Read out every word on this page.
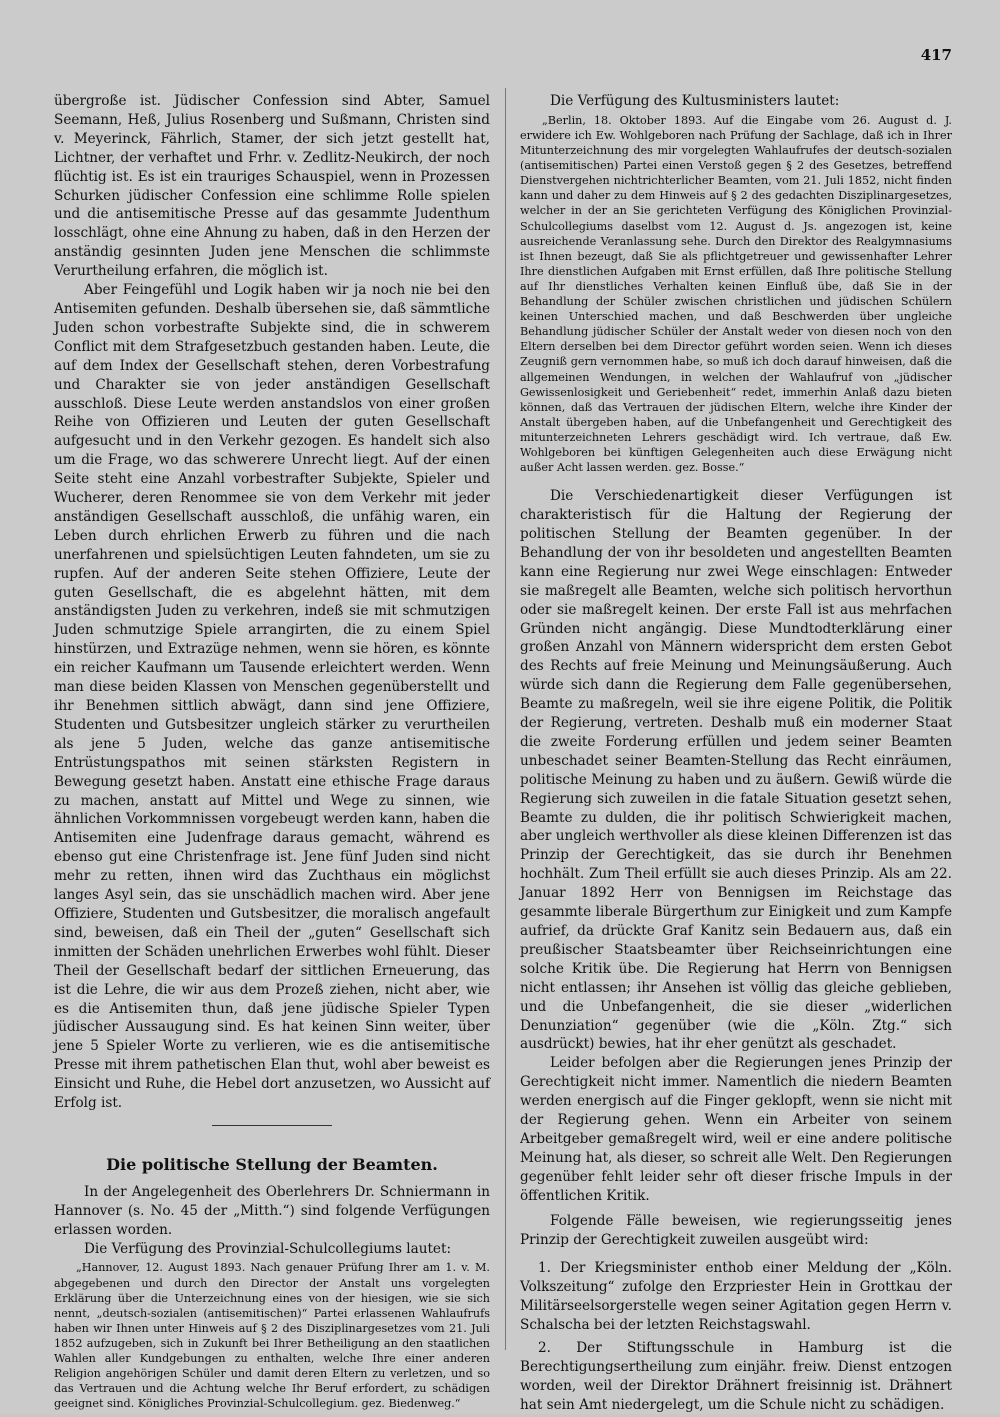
417

übergroße ist. Jüdischer Confession sind Abter, Samuel Seemann, Heß, Julius Rosenberg und Sußmann, Christen sind v. Meyerinck, Fährlich, Stamer, der sich jetzt gestellt hat, Lichtner, der verhaftet und Frhr. v. Zedlitz-Neukirch, der noch flüchtig ist. Es ist ein trauriges Schauspiel, wenn in Prozessen Schurken jüdischer Confession eine schlimme Rolle spielen und die antisemitische Presse auf das gesammte Judenthum losschlägt, ohne eine Ahnung zu haben, daß in den Herzen der anständig gesinnten Juden jene Menschen die schlimmste Verurtheilung erfahren, die möglich ist.

Aber Feingefühl und Logik haben wir ja noch nie bei den Antisemiten gefunden. Deshalb übersehen sie, daß sämmtliche Juden schon vorbestrafte Subjekte sind, die in schwerem Conflict mit dem Strafgesetzbuch gestanden haben. Leute, die auf dem Index der Gesellschaft stehen, deren Vorbestrafung und Charakter sie von jeder anständigen Gesellschaft ausschloß. Diese Leute werden anstandslos von einer großen Reihe von Offizieren und Leuten der guten Gesellschaft aufgesucht und in den Verkehr gezogen. Es handelt sich also um die Frage, wo das schwerere Unrecht liegt. Auf der einen Seite steht eine Anzahl vorbestrafter Subjekte, Spieler und Wucherer, deren Renommee sie von dem Verkehr mit jeder anständigen Gesellschaft ausschloß, die unfähig waren, ein Leben durch ehrlichen Erwerb zu führen und die nach unerfahrenen und spielsüchtigen Leuten fahndeten, um sie zu rupfen. Auf der anderen Seite stehen Offiziere, Leute der guten Gesellschaft, die es abgelehnt hätten, mit dem anständigsten Juden zu verkehren, indeß sie mit schmutzigen Juden schmutzige Spiele arrangirten, die zu einem Spiel hinstürzen, und Extrazüge nehmen, wenn sie hören, es könnte ein reicher Kaufmann um Tausende erleichtert werden. Wenn man diese beiden Klassen von Menschen gegenüberstellt und ihr Benehmen sittlich abwägt, dann sind jene Offiziere, Studenten und Gutsbesitzer ungleich stärker zu verurtheilen als jene 5 Juden, welche das ganze antisemitische Entrüstungspathos mit seinen stärksten Registern in Bewegung gesetzt haben. Anstatt eine ethische Frage daraus zu machen, anstatt auf Mittel und Wege zu sinnen, wie ähnlichen Vorkommnissen vorgebeugt werden kann, haben die Antisemiten eine Judenfrage daraus gemacht, während es ebenso gut eine Christenfrage ist. Jene fünf Juden sind nicht mehr zu retten, ihnen wird das Zuchthaus ein möglichst langes Asyl sein, das sie unschädlich machen wird. Aber jene Offiziere, Studenten und Gutsbesitzer, die moralisch angefault sind, beweisen, daß ein Theil der „guten“ Gesellschaft sich inmitten der Schäden unehrlichen Erwerbes wohl fühlt. Dieser Theil der Gesellschaft bedarf der sittlichen Erneuerung, das ist die Lehre, die wir aus dem Prozeß ziehen, nicht aber, wie es die Antisemiten thun, daß jene jüdische Spieler Typen jüdischer Aussaugung sind. Es hat keinen Sinn weiter, über jene 5 Spieler Worte zu verlieren, wie es die antisemitische Presse mit ihrem pathetischen Elan thut, wohl aber beweist es Einsicht und Ruhe, die Hebel dort anzusetzen, wo Aussicht auf Erfolg ist.

Die politische Stellung der Beamten.

In der Angelegenheit des Oberlehrers Dr. Schniermann in Hannover (s. No. 45 der „Mitth.“) sind folgende Verfügungen erlassen worden.

Die Verfügung des Provinzial-Schulcollegiums lautet:

„Hannover, 12. August 1893. Nach genauer Prüfung Ihrer am 1. v. M. abgegebenen und durch den Director der Anstalt uns vorgelegten Erklärung über die Unterzeichnung eines von der hiesigen, wie sie sich nennt, „deutsch-sozialen (antisemitischen)“ Partei erlassenen Wahlaufrufs haben wir Ihnen unter Hinweis auf § 2 des Disziplinargesetzes vom 21. Juli 1852 aufzugeben, sich in Zukunft bei Ihrer Betheiligung an den staatlichen Wahlen aller Kundgebungen zu enthalten, welche Ihre einer anderen Religion angehörigen Schüler und damit deren Eltern zu verletzen, und so das Vertrauen und die Achtung welche Ihr Beruf erfordert, zu schädigen geeignet sind. Königliches Provinzial-Schulcollegium. gez. Biedenweg.“

Die Verfügung des Kultusministers lautet:

„Berlin, 18. Oktober 1893. Auf die Eingabe vom 26. August d. J. erwidere ich Ew. Wohlgeboren nach Prüfung der Sachlage, daß ich in Ihrer Mitunterzeichnung des mir vorgelegten Wahlaufrufes der deutsch-sozialen (antisemitischen) Partei einen Verstoß gegen § 2 des Gesetzes, betreffend Dienstvergehen nichtrichterlicher Beamten, vom 21. Juli 1852, nicht finden kann und daher zu dem Hinweis auf § 2 des gedachten Disziplinargesetzes, welcher in der an Sie gerichteten Verfügung des Königlichen Provinzial-Schulcollegiums daselbst vom 12. August d. Js. angezogen ist, keine ausreichende Veranlassung sehe. Durch den Direktor des Realgymnasiums ist Ihnen bezeugt, daß Sie als pflichtgetreuer und gewissenhafter Lehrer Ihre dienstlichen Aufgaben mit Ernst erfüllen, daß Ihre politische Stellung auf Ihr dienstliches Verhalten keinen Einfluß übe, daß Sie in der Behandlung der Schüler zwischen christlichen und jüdischen Schülern keinen Unterschied machen, und daß Beschwerden über ungleiche Behandlung jüdischer Schüler der Anstalt weder von diesen noch von den Eltern derselben bei dem Director geführt worden seien. Wenn ich dieses Zeugniß gern vernommen habe, so muß ich doch darauf hinweisen, daß die allgemeinen Wendungen, in welchen der Wahlaufruf von „jüdischer Gewissenlosigkeit und Geriebenheit“ redet, immerhin Anlaß dazu bieten können, daß das Vertrauen der jüdischen Eltern, welche ihre Kinder der Anstalt übergeben haben, auf die Unbefangenheit und Gerechtigkeit des mitunterzeichneten Lehrers geschädigt wird. Ich vertraue, daß Ew. Wohlgeboren bei künftigen Gelegenheiten auch diese Erwägung nicht außer Acht lassen werden. gez. Bosse.“

Die Verschiedenartigkeit dieser Verfügungen ist charakteristisch für die Haltung der Regierung der politischen Stellung der Beamten gegenüber. In der Behandlung der von ihr besoldeten und angestellten Beamten kann eine Regierung nur zwei Wege einschlagen: Entweder sie maßregelt alle Beamten, welche sich politisch hervorthun oder sie maßregelt keinen. Der erste Fall ist aus mehrfachen Gründen nicht angängig. Diese Mundtodterklärung einer großen Anzahl von Männern widerspricht dem ersten Gebot des Rechts auf freie Meinung und Meinungsäußerung. Auch würde sich dann die Regierung dem Falle gegenübersehen, Beamte zu maßregeln, weil sie ihre eigene Politik, die Politik der Regierung, vertreten. Deshalb muß ein moderner Staat die zweite Forderung erfüllen und jedem seiner Beamten unbeschadet seiner Beamten-Stellung das Recht einräumen, politische Meinung zu haben und zu äußern. Gewiß würde die Regierung sich zuweilen in die fatale Situation gesetzt sehen, Beamte zu dulden, die ihr politisch Schwierigkeit machen, aber ungleich werthvoller als diese kleinen Differenzen ist das Prinzip der Gerechtigkeit, das sie durch ihr Benehmen hochhält. Zum Theil erfüllt sie auch dieses Prinzip. Als am 22. Januar 1892 Herr von Bennigsen im Reichstage das gesammte liberale Bürgerthum zur Einigkeit und zum Kampfe aufrief, da drückte Graf Kanitz sein Bedauern aus, daß ein preußischer Staatsbeamter über Reichseinrichtungen eine solche Kritik übe. Die Regierung hat Herrn von Bennigsen nicht entlassen; ihr Ansehen ist völlig das gleiche geblieben, und die Unbefangenheit, die sie dieser „widerlichen Denunziation“ gegenüber (wie die „Köln. Ztg.“ sich ausdrückt) bewies, hat ihr eher genützt als geschadet.

Leider befolgen aber die Regierungen jenes Prinzip der Gerechtigkeit nicht immer. Namentlich die niedern Beamten werden energisch auf die Finger geklopft, wenn sie nicht mit der Regierung gehen. Wenn ein Arbeiter von seinem Arbeitgeber gemaßregelt wird, weil er eine andere politische Meinung hat, als dieser, so schreit alle Welt. Den Regierungen gegenüber fehlt leider sehr oft dieser frische Impuls in der öffentlichen Kritik.

Folgende Fälle beweisen, wie regierungsseitig jenes Prinzip der Gerechtigkeit zuweilen ausgeübt wird:

1. Der Kriegsminister enthob einer Meldung der „Köln. Volkszeitung“ zufolge den Erzpriester Hein in Grottkau der Militärseelsorgerstelle wegen seiner Agitation gegen Herrn v. Schalscha bei der letzten Reichstagswahl.

2. Der Stiftungsschule in Hamburg ist die Berechtigungsertheilung zum einjähr. freiw. Dienst entzogen worden, weil der Direktor Drähnert freisinnig ist. Drähnert hat sein Amt niedergelegt, um die Schule nicht zu schädigen.
